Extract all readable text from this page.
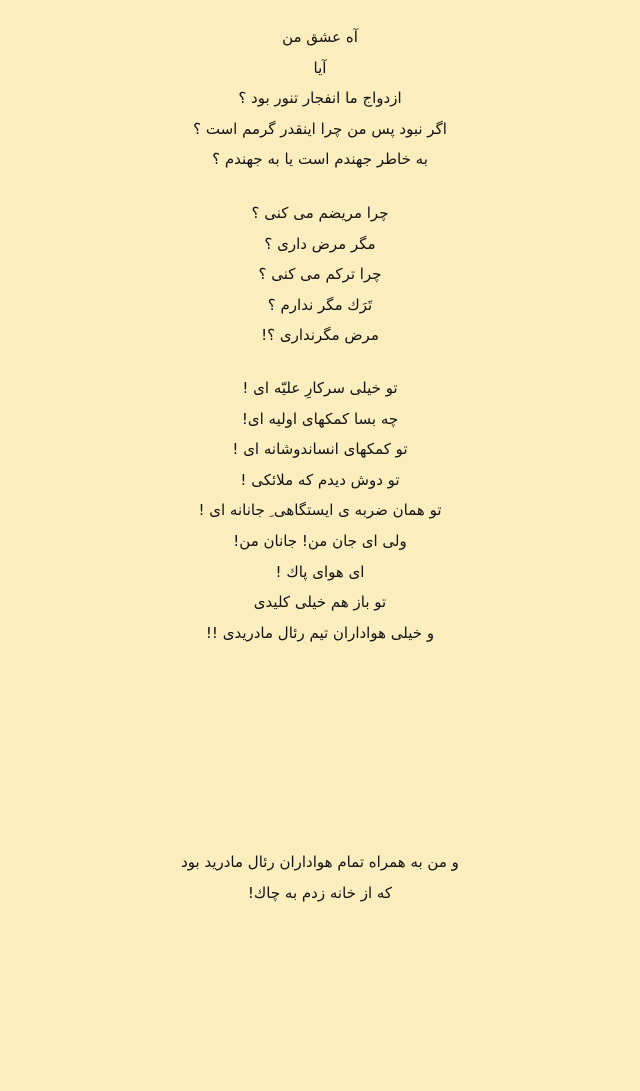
آه عشق من
آیا
ازدواج ما انفجار تنور بود ؟
اگر نبود پس من چرا اینقدر گرمم است ؟
به خاطر جهندم است یا به جهندم ؟
چرا مریضم می کنی ؟
مگر مرض داری ؟
چرا ترکم می کنی ؟
تَرَك مگر ندارم ؟
مرض مگرنداری ؟!
تو خیلی سرکارِ علیّه ای !
چه بسا کمکهای اولیه ای!
تو کمکهای انساندوشانه ای !
تو دوش دیدم که ملائکی !
تو همان ضربه ی ایستگاهی ِ جانانه ای !
ولی ای جان من! جانان من!
ای هوای پاك !
تو باز هم خیلی کلیدی
و خیلی هواداران تیم رئال مادریدی !!
و من به همراه تمام هواداران رئال مادرید بود
که از خانه زدم به چاك!
